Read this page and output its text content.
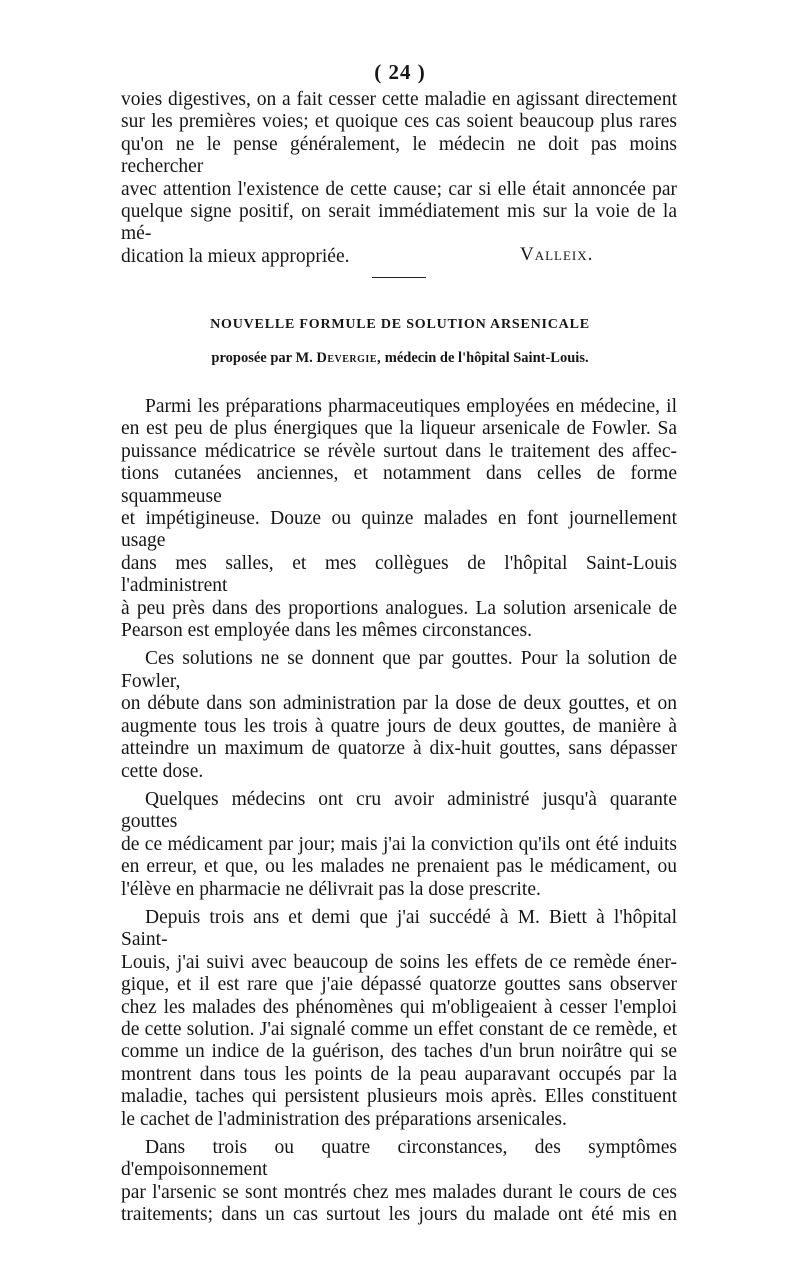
( 24 )

voies digestives, on a fait cesser cette maladie en agissant directement

sur les premières voies; et quoique ces cas soient beaucoup plus rares

qu'on ne le pense généralement, le médecin ne doit pas moins rechercher

avec attention l'existence de cette cause; car si elle était annoncée par

quelque signe positif, on serait immédiatement mis sur la voie de la mé-

dication la mieux appropriée.	Valleix.
NOUVELLE FORMULE DE SOLUTION ARSENICALE
proposée par M. Devergie, médecin de l'hôpital Saint-Louis.

Parmi les préparations pharmaceutiques employées en médecine, il

en est peu de plus énergiques que la liqueur arsenicale de Fowler. Sa

puissance médicatrice se révèle surtout dans le traitement des affec-

tions cutanées anciennes, et notamment dans celles de forme squammeuse

et impétigineuse. Douze ou quinze malades en font journellement usage

dans mes salles, et mes collègues de l'hôpital Saint-Louis l'administrent

à peu près dans des proportions analogues. La solution arsenicale de

Pearson est employée dans les mêmes circonstances.

Ces solutions ne se donnent que par gouttes. Pour la solution de Fowler,

on débute dans son administration par la dose de deux gouttes, et on

augmente tous les trois à quatre jours de deux gouttes, de manière à

atteindre un maximum de quatorze à dix-huit gouttes, sans dépasser

cette dose.

Quelques médecins ont cru avoir administré jusqu'à quarante gouttes

de ce médicament par jour; mais j'ai la conviction qu'ils ont été induits

en erreur, et que, ou les malades ne prenaient pas le médicament, ou

l'élève en pharmacie ne délivrait pas la dose prescrite.

Depuis trois ans et demi que j'ai succédé à M. Biett à l'hôpital Saint-

Louis, j'ai suivi avec beaucoup de soins les effets de ce remède éner-

gique, et il est rare que j'aie dépassé quatorze gouttes sans observer

chez les malades des phénomènes qui m'obligeaient à cesser l'emploi

de cette solution. J'ai signalé comme un effet constant de ce remède, et

comme un indice de la guérison, des taches d'un brun noirâtre qui se

montrent dans tous les points de la peau auparavant occupés par la

maladie, taches qui persistent plusieurs mois après. Elles constituent

le cachet de l'administration des préparations arsenicales.

Dans trois ou quatre circonstances, des symptômes d'empoisonnement

par l'arsenic se sont montrés chez mes malades durant le cours de ces

traitements; dans un cas surtout les jours du malade ont été mis en
